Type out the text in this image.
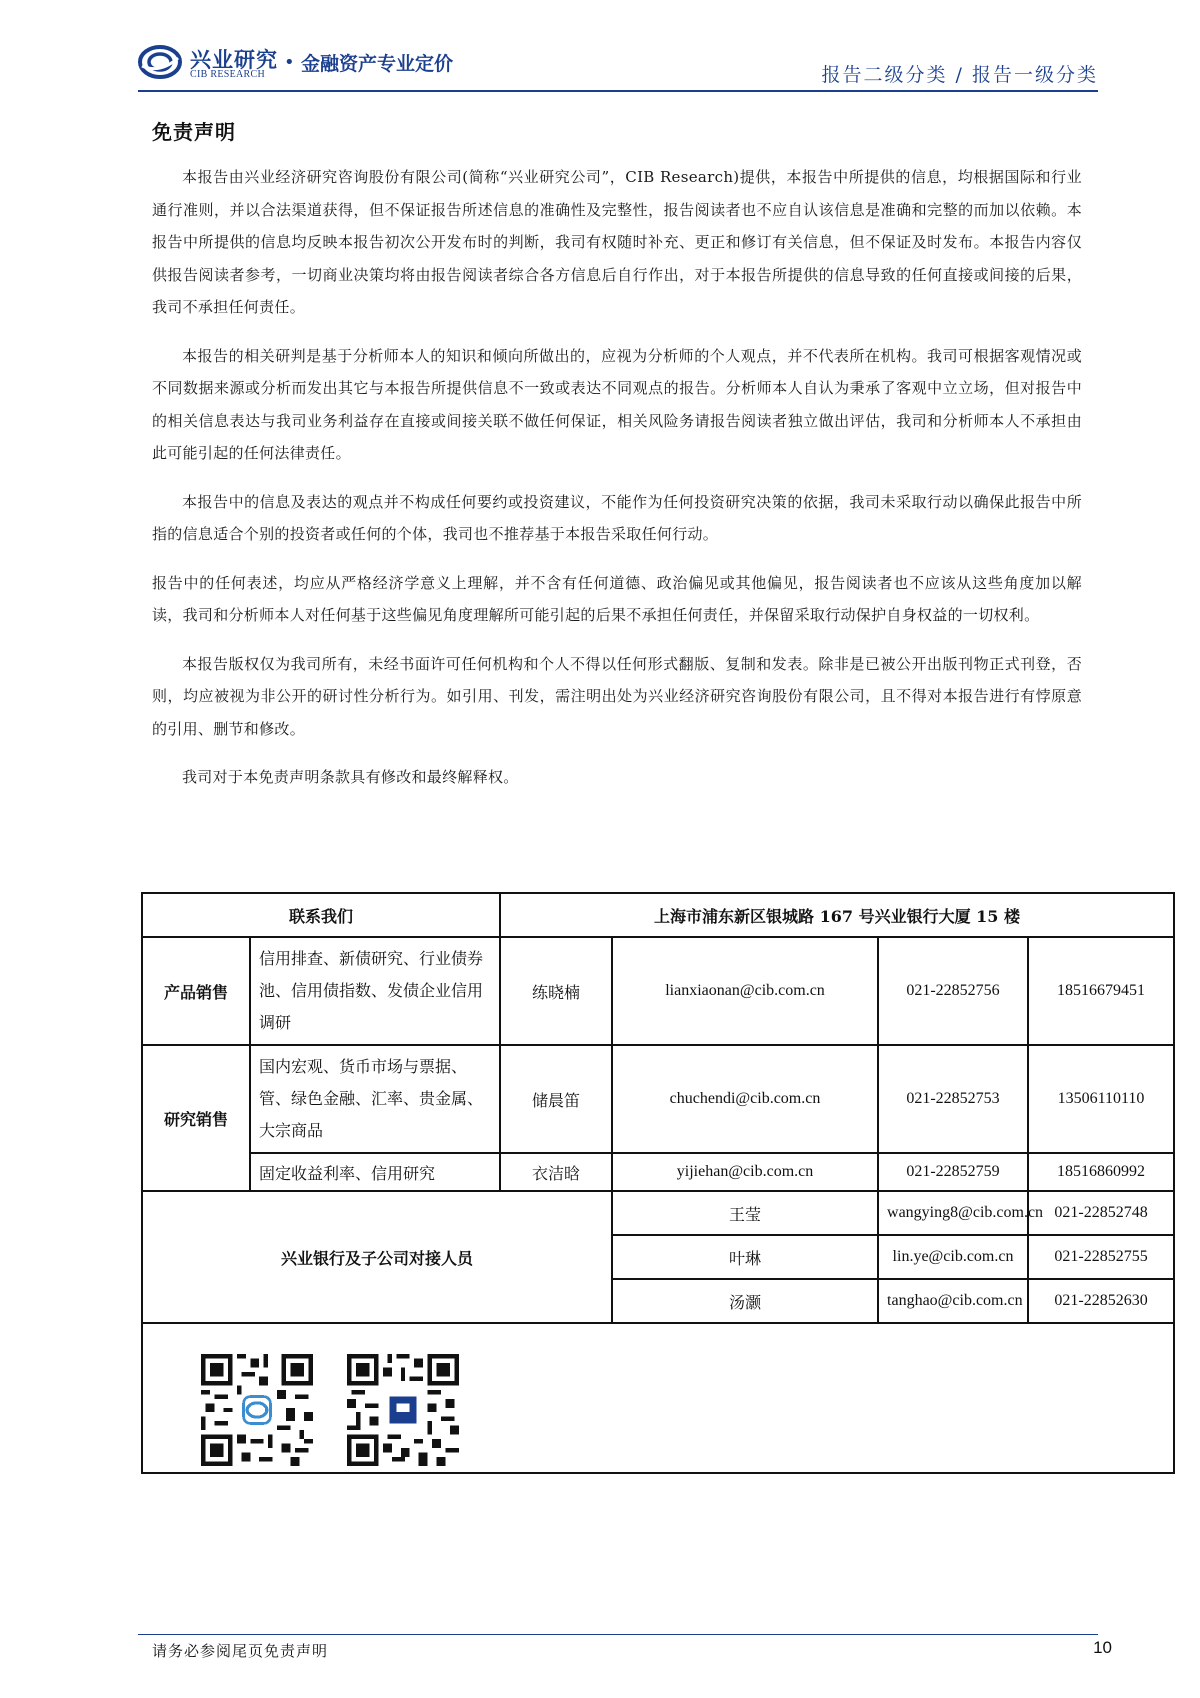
兴业研究
CIB RESEARCH
• 金融资产专业定价	报告二级分类 / 报告一级分类
免责声明

本报告由兴业经济研究咨询股份有限公司(简称“兴业研究公司”，CIB Research)提供，本报告中所提供的信息，均根据国际和行业通行准则，并以合法渠道获得，但不保证报告所述信息的准确性及完整性，报告阅读者也不应自认该信息是准确和完整的而加以依赖。本报告中所提供的信息均反映本报告初次公开发布时的判断，我司有权随时补充、更正和修订有关信息，但不保证及时发布。本报告内容仅供报告阅读者参考，一切商业决策均将由报告阅读者综合各方信息后自行作出，对于本报告所提供的信息导致的任何直接或间接的后果，我司不承担任何责任。

本报告的相关研判是基于分析师本人的知识和倾向所做出的，应视为分析师的个人观点，并不代表所在机构。我司可根据客观情况或不同数据来源或分析而发出其它与本报告所提供信息不一致或表达不同观点的报告。分析师本人自认为秉承了客观中立立场，但对报告中的相关信息表达与我司业务利益存在直接或间接关联不做任何保证，相关风险务请报告阅读者独立做出评估，我司和分析师本人不承担由此可能引起的任何法律责任。

本报告中的信息及表达的观点并不构成任何要约或投资建议，不能作为任何投资研究决策的依据，我司未采取行动以确保此报告中所指的信息适合个别的投资者或任何的个体，我司也不推荐基于本报告采取任何行动。

报告中的任何表述，均应从严格经济学意义上理解，并不含有任何道德、政治偏见或其他偏见，报告阅读者也不应该从这些角度加以解读，我司和分析师本人对任何基于这些偏见角度理解所可能引起的后果不承担任何责任，并保留采取行动保护自身权益的一切权利。

本报告版权仅为我司所有，未经书面许可任何机构和个人不得以任何形式翻版、复制和发表。除非是已被公开出版刊物正式刊登，否则，均应被视为非公开的研讨性分析行为。如引用、刊发，需注明出处为兴业经济研究咨询股份有限公司，且不得对本报告进行有悖原意的引用、删节和修改。

我司对于本免责声明条款具有修改和最终解释权。

联系我们		上海市浦东新区银城路 167 号兴业银行大厦 15 楼			
产品销售	信用排查、新债研究、行业债券池、信用债指数、发债企业信用调研	练晓楠	lianxiaonan@cib.com.cn	021-22852756	18516679451
研究销售	国内宏观、货币市场与票据、管、绿色金融、汇率、贵金属、大宗商品	储晨笛	chuchendi@cib.com.cn	021-22852753	13506110110
	固定收益利率、信用研究	衣洁晗	yijiehan@cib.com.cn	021-22852759	18516860992
兴业银行及子公司对接人员			王莹	wangying8@cib.com.cn	021-22852748
			叶琳	lin.ye@cib.com.cn	021-22852755
			汤灏	tanghao@cib.com.cn	021-22852630

请务必参阅尾页免责声明	10
